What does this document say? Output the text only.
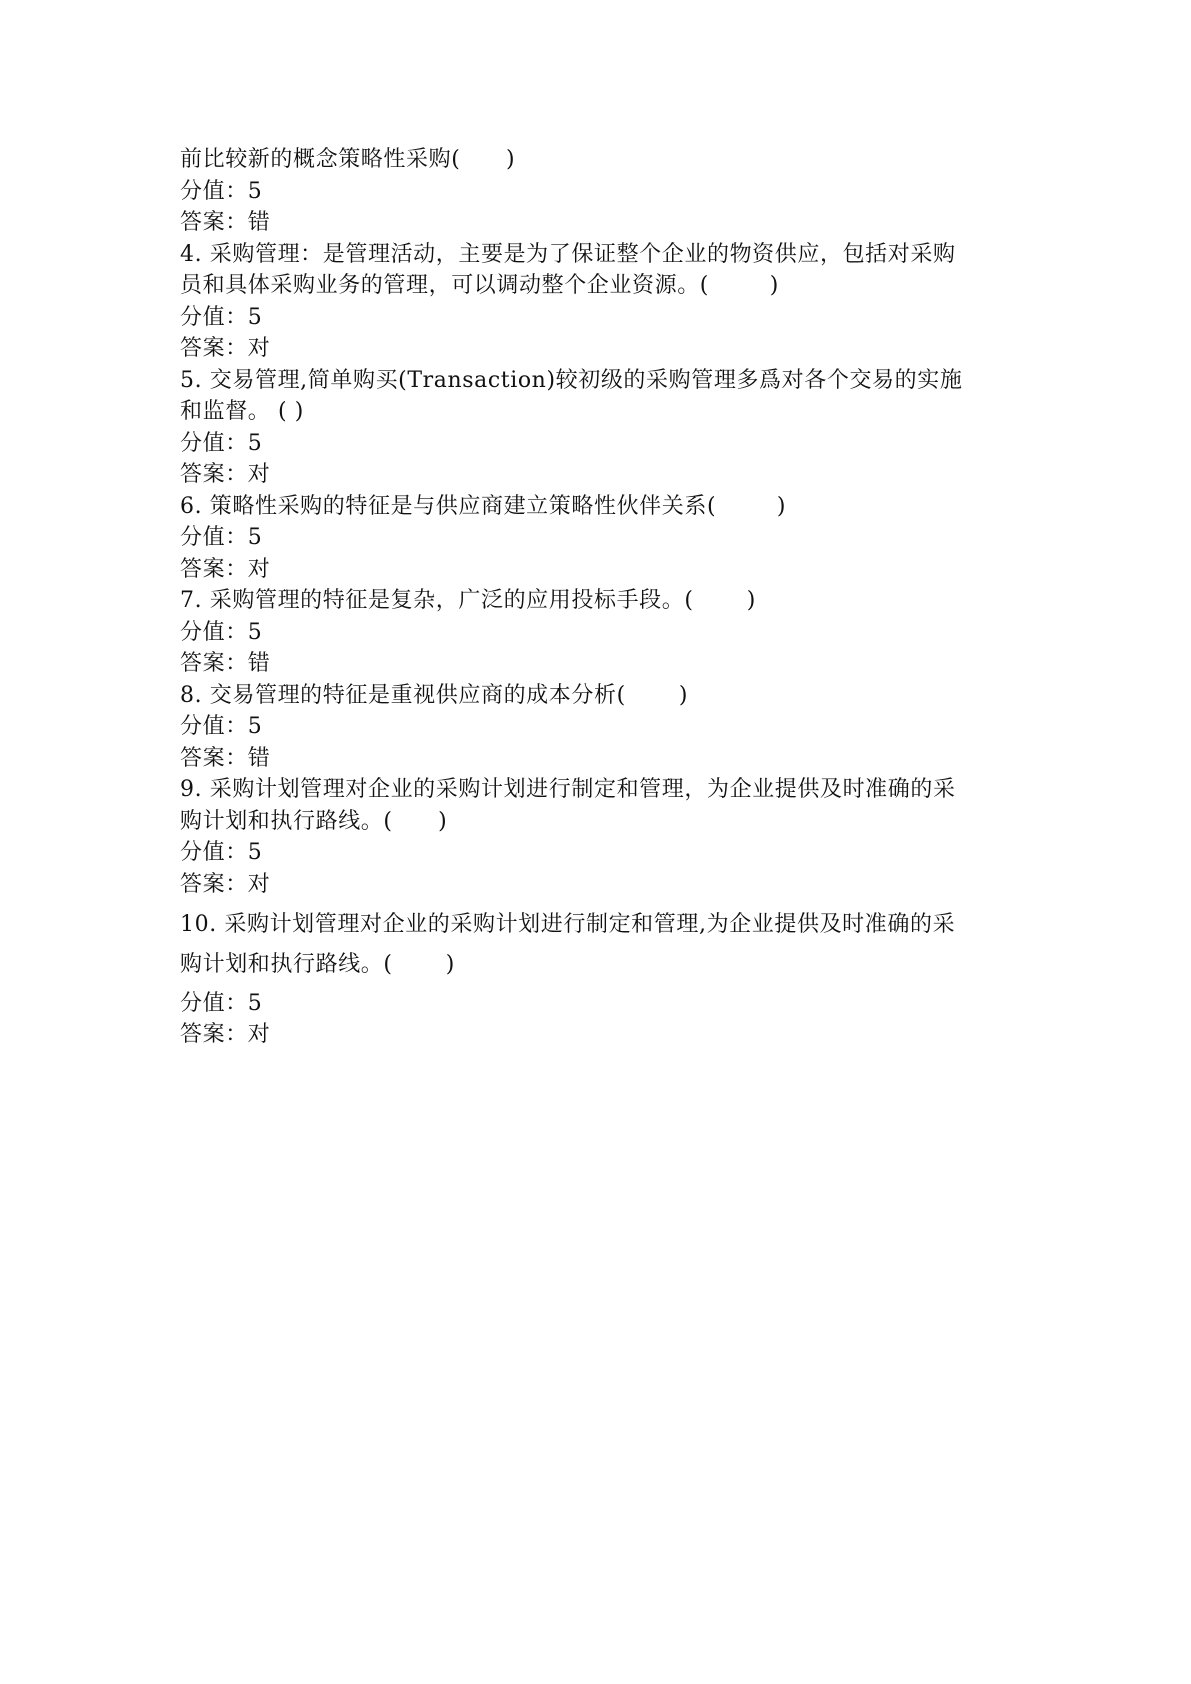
前比较新的概念策略性采购(      )
分值：5
答案：错
4. 采购管理：是管理活动，主要是为了保证整个企业的物资供应，包括对采购
员和具体采购业务的管理，可以调动整个企业资源。(        )
分值：5
答案：对
5. 交易管理,简单购买(Transaction)较初级的采购管理多爲对各个交易的实施
和监督。 ( )
分值：5
答案：对
6. 策略性采购的特征是与供应商建立策略性伙伴关系(        )
分值：5
答案：对
7. 采购管理的特征是复杂，广泛的应用投标手段。(       )
分值：5
答案：错
8. 交易管理的特征是重视供应商的成本分析(       )
分值：5
答案：错
9. 采购计划管理对企业的采购计划进行制定和管理，为企业提供及时准确的采
购计划和执行路线。(      )
分值：5
答案：对
10. 采购计划管理对企业的采购计划进行制定和管理,为企业提供及时准确的采
购计划和执行路线。(       )
分值：5
答案：对
